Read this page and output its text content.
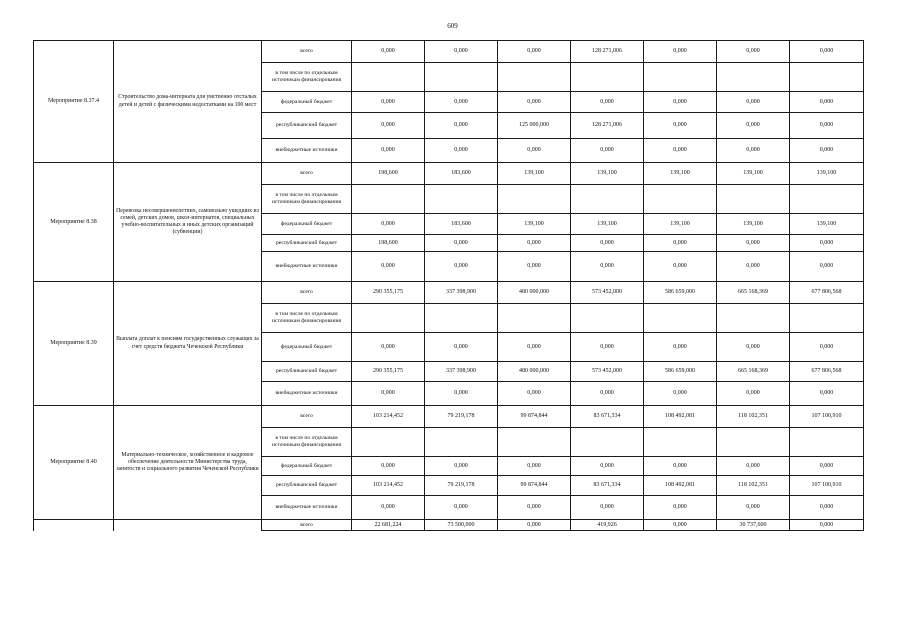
609
Мероприятие 8.37.4	Строительство дома-интерната для умственно отсталых детей и детей с физическими недостатками на 100 мест	всего	0,000	0,000	0,000	128 271,006	0,000	0,000	0,000
		в том числе по отдельным источникам финансирования							
		федеральный бюджет	0,000	0,000	0,000	0,000	0,000	0,000	0,000
		республиканский бюджет	0,000	0,000	125 000,000	128 271,006	0,000	0,000	0,000
		внебюджетные источники	0,000	0,000	0,000	0,000	0,000	0,000	0,000
Мероприятие 8.38	Перевозка несовершеннолетних, самовольно ушедших из семей, детских домов, школ-интернатов, специальных учебно-воспитательных и иных детских организаций (субвенции)	всего	198,600	183,600	139,100	139,100	139,100	139,100	139,100
		в том числе по отдельным источникам финансирования							
		федеральный бюджет	0,000	183,600	139,100	139,100	139,100	139,100	139,100
		республиканский бюджет	198,600	0,000	0,000	0,000	0,000	0,000	0,000
		внебюджетные источники	0,000	0,000	0,000	0,000	0,000	0,000	0,000
Мероприятие 8.39	Выплата доплат к пенсиям государственных служащих за счет средств бюджета Чеченской Республики	всего	290 355,175	337 398,900	480 000,000	573 452,000	586 659,000	665 168,369	677 806,568
		в том числе по отдельным источникам финансирования							
		федеральный бюджет	0,000	0,000	0,000	0,000	0,000	0,000	0,000
		республиканский бюджет	290 355,175	337 398,900	480 000,000	573 452,000	586 659,000	665 168,369	677 806,568
		внебюджетные источники	0,000	0,000	0,000	0,000	0,000	0,000	0,000
Мероприятие 8.40	Материально-техническое, хозяйственное и кадровое обеспечение деятельности Министерства труда, занятости и социального развития Чеченской Республики	всего	103 214,452	79 219,178	99 874,844	83 671,334	108 492,081	118 102,351	107 100,910
		в том числе по отдельным источникам финансирования							
		федеральный бюджет	0,000	0,000	0,000	0,000	0,000	0,000	0,000
		республиканский бюджет	103 214,452	79 219,178	99 874,844	83 671,334	108 492,081	118 102,351	107 100,910
		внебюджетные источники	0,000	0,000	0,000	0,000	0,000	0,000	0,000
		всего	22 681,224	73 500,000	0,000	419,926	0,000	30 737,600	0,000
